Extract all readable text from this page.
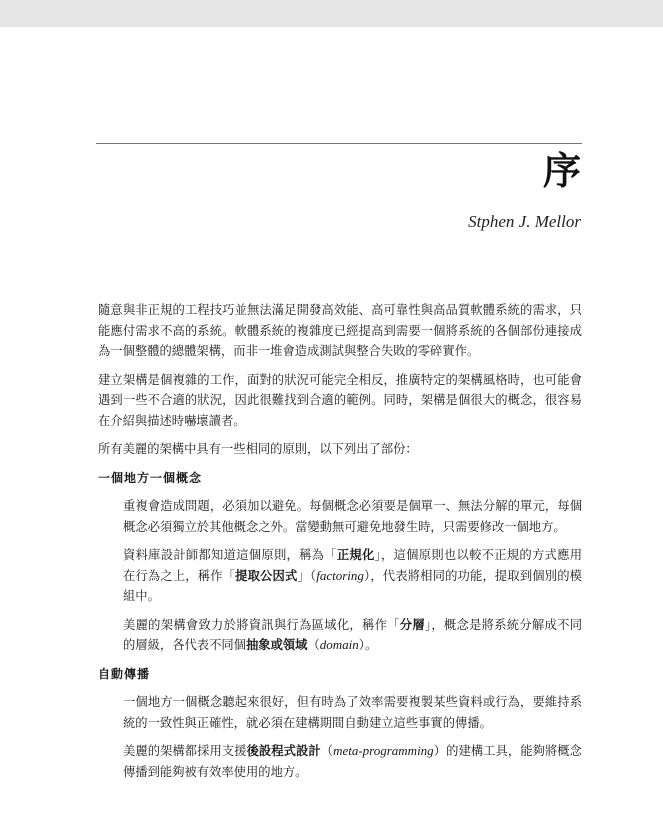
序
Stphen J. Mellor

隨意與非正規的工程技巧並無法滿足開發高效能、高可靠性與高品質軟體系統的需求，只能應付需求不高的系統。軟體系統的複雜度已經提高到需要一個將系統的各個部份連接成為一個整體的總體架構，而非一堆會造成測試與整合失敗的零碎實作。

建立架構是個複雜的工作，面對的狀況可能完全相反，推廣特定的架構風格時，也可能會遇到一些不合適的狀況，因此很難找到合適的範例。同時，架構是個很大的概念，很容易在介紹與描述時嚇壞讀者。

所有美麗的架構中具有一些相同的原則，以下列出了部份：

一個地方一個概念

重複會造成問題，必須加以避免。每個概念必須要是個單一、無法分解的單元，每個概念必須獨立於其他概念之外。當變動無可避免地發生時，只需要修改一個地方。

資料庫設計師都知道這個原則，稱為「正規化」，這個原則也以較不正規的方式應用在行為之上，稱作「提取公因式」（factoring），代表將相同的功能，提取到個別的模組中。

美麗的架構會致力於將資訊與行為區域化，稱作「分層」，概念是將系統分解成不同的層級，各代表不同個抽象或領域（domain）。

自動傳播

一個地方一個概念聽起來很好，但有時為了效率需要複製某些資料或行為，要維持系統的一致性與正確性，就必須在建構期間自動建立這些事實的傳播。

美麗的架構都採用支援後設程式設計（meta-programming）的建構工具，能夠將概念傳播到能夠被有效率使用的地方。
